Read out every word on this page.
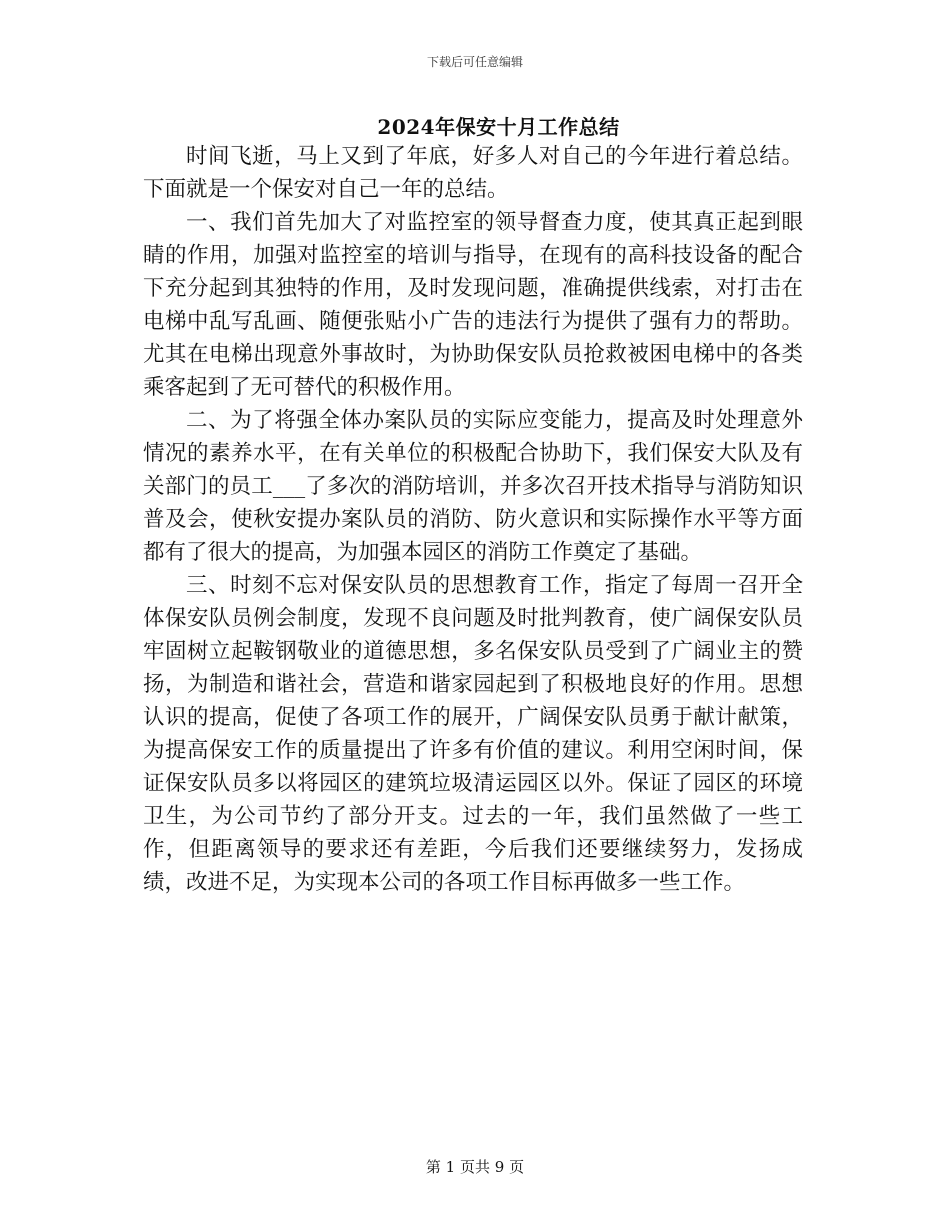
下载后可任意编辑
2024年保安十月工作总结

时间飞逝，马上又到了年底，好多人对自己的今年进行着总结。下面就是一个保安对自己一年的总结。

一、我们首先加大了对监控室的领导督查力度，使其真正起到眼睛的作用，加强对监控室的培训与指导，在现有的高科技设备的配合下充分起到其独特的作用，及时发现问题，准确提供线索，对打击在电梯中乱写乱画、随便张贴小广告的违法行为提供了强有力的帮助。尤其在电梯出现意外事故时，为协助保安队员抢救被困电梯中的各类乘客起到了无可替代的积极作用。

二、为了将强全体办案队员的实际应变能力，提高及时处理意外情况的素养水平，在有关单位的积极配合协助下，我们保安大队及有关部门的员工___了多次的消防培训，并多次召开技术指导与消防知识普及会，使秋安提办案队员的消防、防火意识和实际操作水平等方面都有了很大的提高，为加强本园区的消防工作奠定了基础。

三、时刻不忘对保安队员的思想教育工作，指定了每周一召开全体保安队员例会制度，发现不良问题及时批判教育，使广阔保安队员牢固树立起鞍钢敬业的道德思想，多名保安队员受到了广阔业主的赞扬，为制造和谐社会，营造和谐家园起到了积极地良好的作用。思想认识的提高，促使了各项工作的展开，广阔保安队员勇于献计献策，为提高保安工作的质量提出了许多有价值的建议。利用空闲时间，保证保安队员多以将园区的建筑垃圾清运园区以外。保证了园区的环境卫生，为公司节约了部分开支。过去的一年，我们虽然做了一些工作，但距离领导的要求还有差距，今后我们还要继续努力，发扬成绩，改进不足，为实现本公司的各项工作目标再做多一些工作。

第 1 页共 9 页
